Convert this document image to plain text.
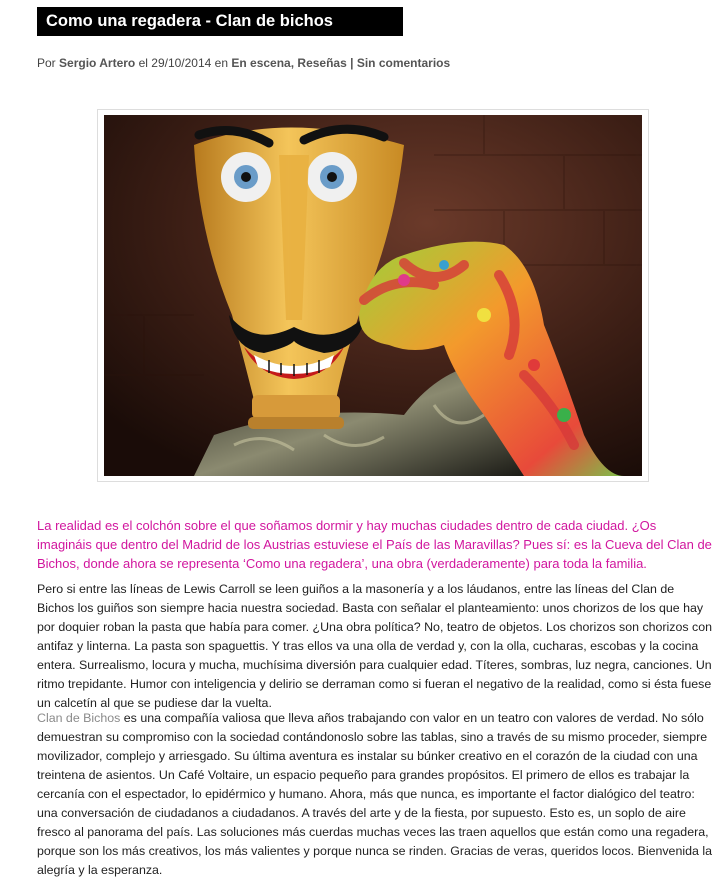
Como una regadera - Clan de bichos
Por Sergio Artero el 29/10/2014 en En escena, Reseñas | Sin comentarios

La realidad es el colchón sobre el que soñamos dormir y hay muchas ciudades dentro de cada ciudad. ¿Os imagináis que dentro del Madrid de los Austrias estuviese el País de las Maravillas? Pues sí: es la Cueva del Clan de Bichos, donde ahora se representa ‘Como una regadera’, una obra (verdaderamente) para toda la familia.

Pero si entre las líneas de Lewis Carroll se leen guiños a la masonería y a los láudanos, entre las líneas del Clan de Bichos los guiños son siempre hacia nuestra sociedad. Basta con señalar el planteamiento: unos chorizos de los que hay por doquier roban la pasta que había para comer. ¿Una obra política? No, teatro de objetos. Los chorizos son chorizos con antifaz y linterna. La pasta son spaguettis. Y tras ellos va una olla de verdad y, con la olla, cucharas, escobas y la cocina entera. Surrealismo, locura y mucha, muchísima diversión para cualquier edad. Títeres, sombras, luz negra, canciones. Un ritmo trepidante. Humor con inteligencia y delirio se derraman como si fueran el negativo de la realidad, como si ésta fuese un calcetín al que se pudiese dar la vuelta.

Clan de Bichos es una compañía valiosa que lleva años trabajando con valor en un teatro con valores de verdad. No sólo demuestran su compromiso con la sociedad contándonoslo sobre las tablas, sino a través de su mismo proceder, siempre movilizador, complejo y arriesgado. Su última aventura es instalar su búnker creativo en el corazón de la ciudad con una treintena de asientos. Un Café Voltaire, un espacio pequeño para grandes propósitos. El primero de ellos es trabajar la cercanía con el espectador, lo epidérmico y humano. Ahora, más que nunca, es importante el factor dialógico del teatro: una conversación de ciudadanos a ciudadanos. A través del arte y de la fiesta, por supuesto. Esto es, un soplo de aire fresco al panorama del país. Las soluciones más cuerdas muchas veces las traen aquellos que están como una regadera, porque son los más creativos, los más valientes y porque nunca se rinden. Gracias de veras, queridos locos. Bienvenida la alegría y la esperanza.
